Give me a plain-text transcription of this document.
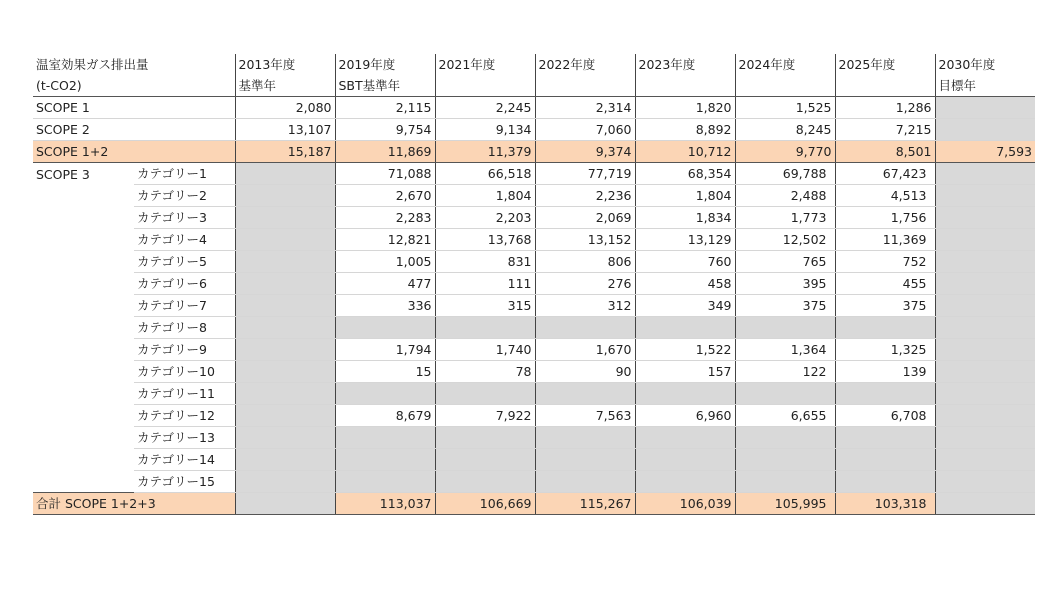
温室効果ガス排出量		2013年度	2019年度	2021年度	2022年度	2023年度	2024年度	2025年度	2030年度
(t-CO2)		基準年	SBT基準年						目標年
SCOPE 1		2,080	2,115	2,245	2,314	1,820	1,525	1,286	
SCOPE 2		13,107	9,754	9,134	7,060	8,892	8,245	7,215	
SCOPE 1+2		15,187	11,869	11,379	9,374	10,712	9,770	8,501	7,593
SCOPE 3	カテゴリー1		71,088	66,518	77,719	68,354	69,788	67,423	
	カテゴリー2		2,670	1,804	2,236	1,804	2,488	4,513	
	カテゴリー3		2,283	2,203	2,069	1,834	1,773	1,756	
	カテゴリー4		12,821	13,768	13,152	13,129	12,502	11,369	
	カテゴリー5		1,005	831	806	760	765	752	
	カテゴリー6		477	111	276	458	395	455	
	カテゴリー7		336	315	312	349	375	375	
	カテゴリー8								
	カテゴリー9		1,794	1,740	1,670	1,522	1,364	1,325	
	カテゴリー10		15	78	90	157	122	139	
	カテゴリー11								
	カテゴリー12		8,679	7,922	7,563	6,960	6,655	6,708	
	カテゴリー13								
	カテゴリー14								
	カテゴリー15								
合計 SCOPE 1+2+3			113,037	106,669	115,267	106,039	105,995	103,318	
